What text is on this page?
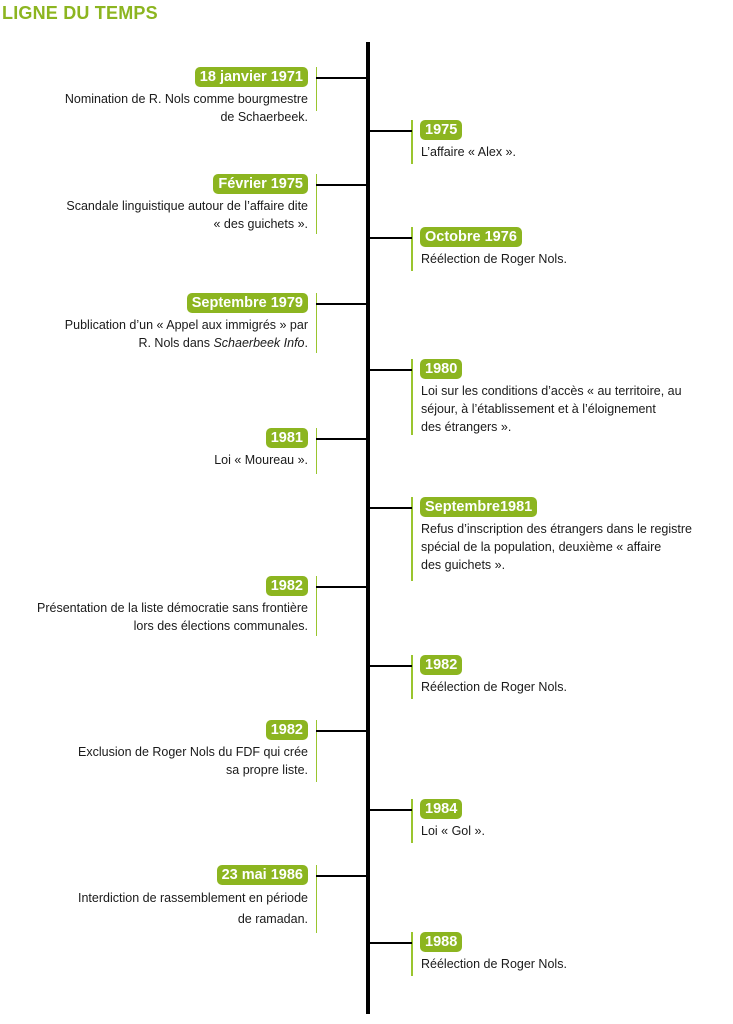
LIGNE DU TEMPS
18 janvier 1971
Nomination de R. Nols comme bourgmestre
de Schaerbeek.
1975
L’affaire « Alex ».
Février 1975
Scandale linguistique autour de l’affaire dite
« des guichets ».
Octobre 1976
Réélection de Roger Nols.
Septembre 1979
Publication d’un « Appel aux immigrés » par
R. Nols dans Schaerbeek Info.
1980
Loi sur les conditions d’accès « au territoire, au
séjour, à l’établissement et à l’éloignement
des étrangers ».
1981
Loi « Moureau ».
Septembre1981
Refus d’inscription des étrangers dans le registre
spécial de la population, deuxième « affaire
des guichets ».
1982
Présentation de la liste démocratie sans frontière
lors des élections communales.
1982
Réélection de Roger Nols.
1982
Exclusion de Roger Nols du FDF qui crée
sa propre liste.
1984
Loi « Gol ».
23 mai 1986
Interdiction de rassemblement en période
de ramadan.
1988
Réélection de Roger Nols.
